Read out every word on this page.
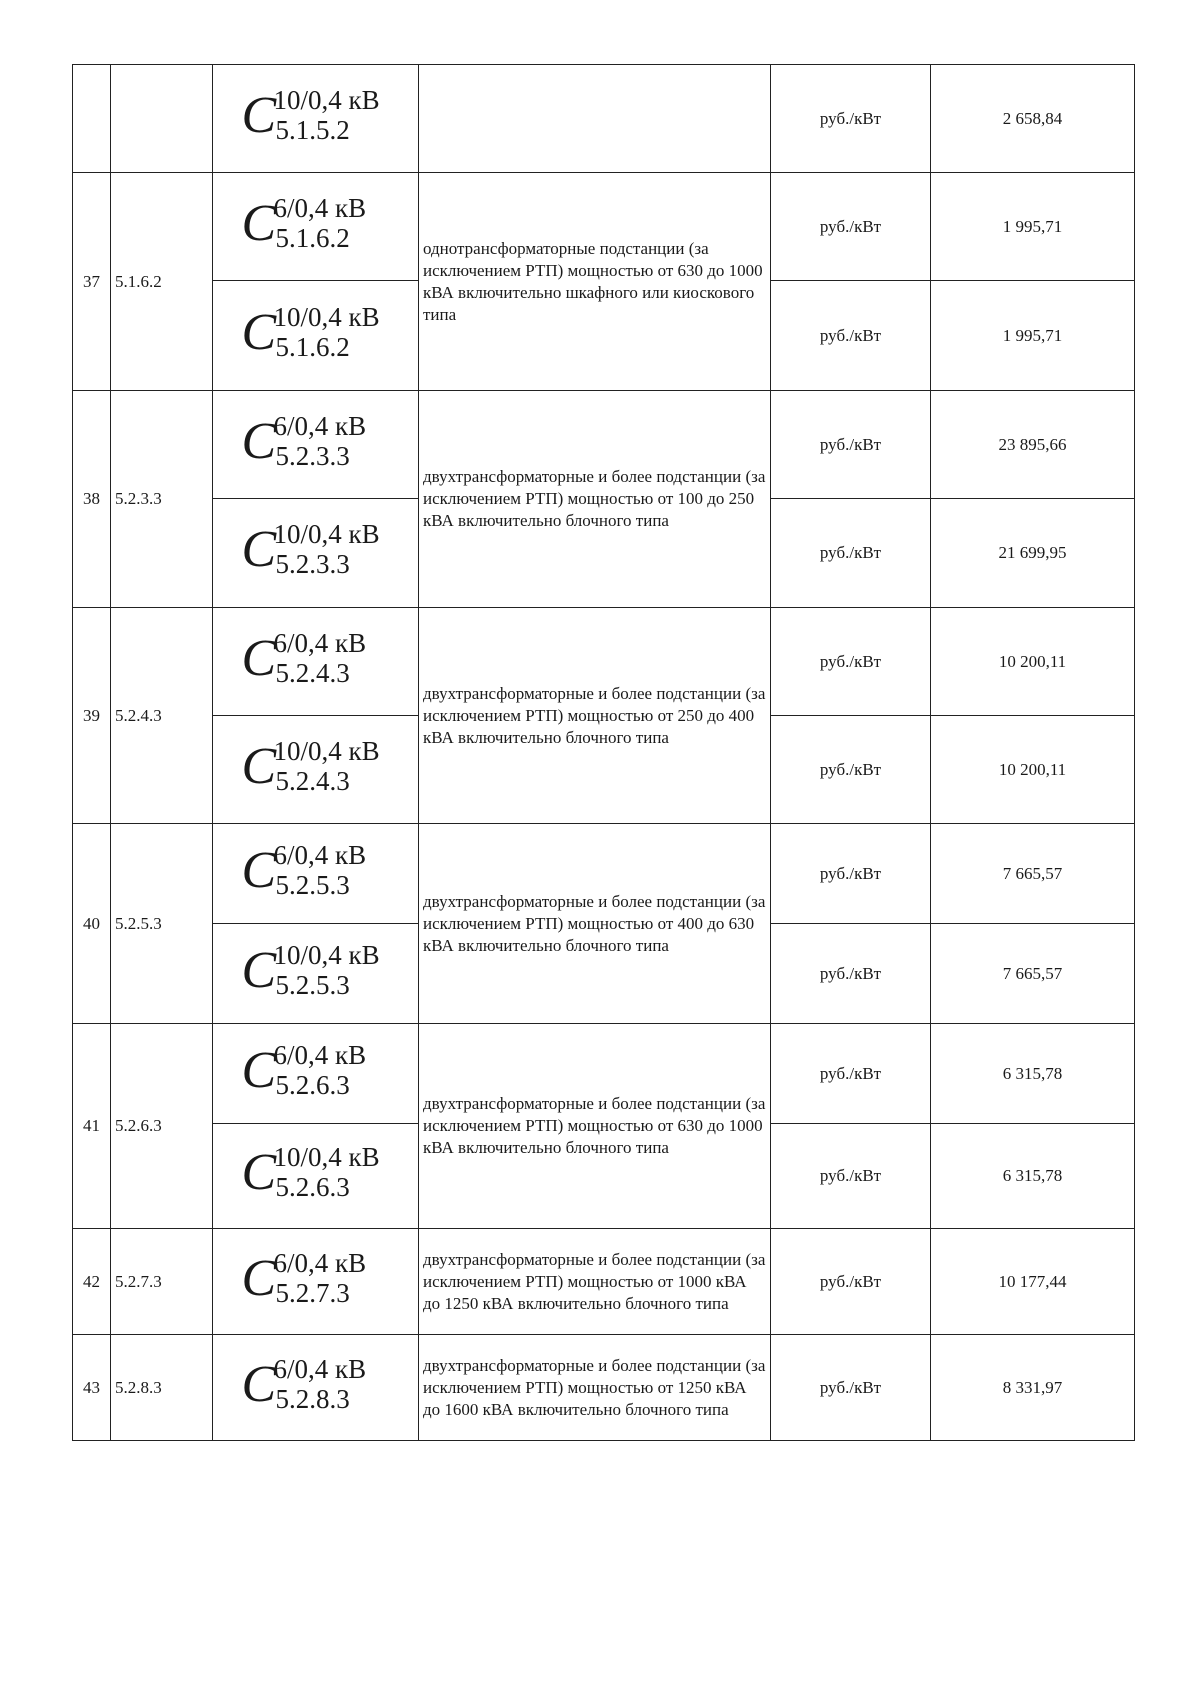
		C
10/0,4 кВ
5.1.5.2		руб./кВт	2 658,84
37	5.1.6.2	C
6/0,4 кВ
5.1.6.2	однотрансформаторные подстанции (за исключением РТП) мощностью от 630 до 1000 кВА включительно шкафного или киоскового типа	руб./кВт	1 995,71

		C
10/0,4 кВ
5.1.6.2		руб./кВт	1 995,71
38	5.2.3.3	C
6/0,4 кВ
5.2.3.3	двухтрансформаторные и более подстанции (за исключением РТП) мощностью от 100 до 250 кВА включительно блочного типа	руб./кВт	23 895,66

		C
10/0,4 кВ
5.2.3.3		руб./кВт	21 699,95
39	5.2.4.3	C
6/0,4 кВ
5.2.4.3	двухтрансформаторные и более подстанции (за исключением РТП) мощностью от 250 до 400 кВА включительно блочного типа	руб./кВт	10 200,11

		C
10/0,4 кВ
5.2.4.3		руб./кВт	10 200,11
40	5.2.5.3	C
6/0,4 кВ
5.2.5.3	двухтрансформаторные и более подстанции (за исключением РТП) мощностью от 400 до 630 кВА включительно блочного типа	руб./кВт	7 665,57

		C
10/0,4 кВ
5.2.5.3		руб./кВт	7 665,57
41	5.2.6.3	C
6/0,4 кВ
5.2.6.3	двухтрансформаторные и более подстанции (за исключением РТП) мощностью от 630 до 1000 кВА включительно блочного типа	руб./кВт	6 315,78

		C
10/0,4 кВ
5.2.6.3		руб./кВт	6 315,78
42	5.2.7.3	C
6/0,4 кВ
5.2.7.3	двухтрансформаторные и более подстанции (за исключением РТП) мощностью от 1000 кВА до 1250 кВА включительно блочного типа	руб./кВт	10 177,44
43	5.2.8.3	C
6/0,4 кВ
5.2.8.3	двухтрансформаторные и более подстанции (за исключением РТП) мощностью от 1250 кВА до 1600 кВА включительно блочного типа	руб./кВт	8 331,97
